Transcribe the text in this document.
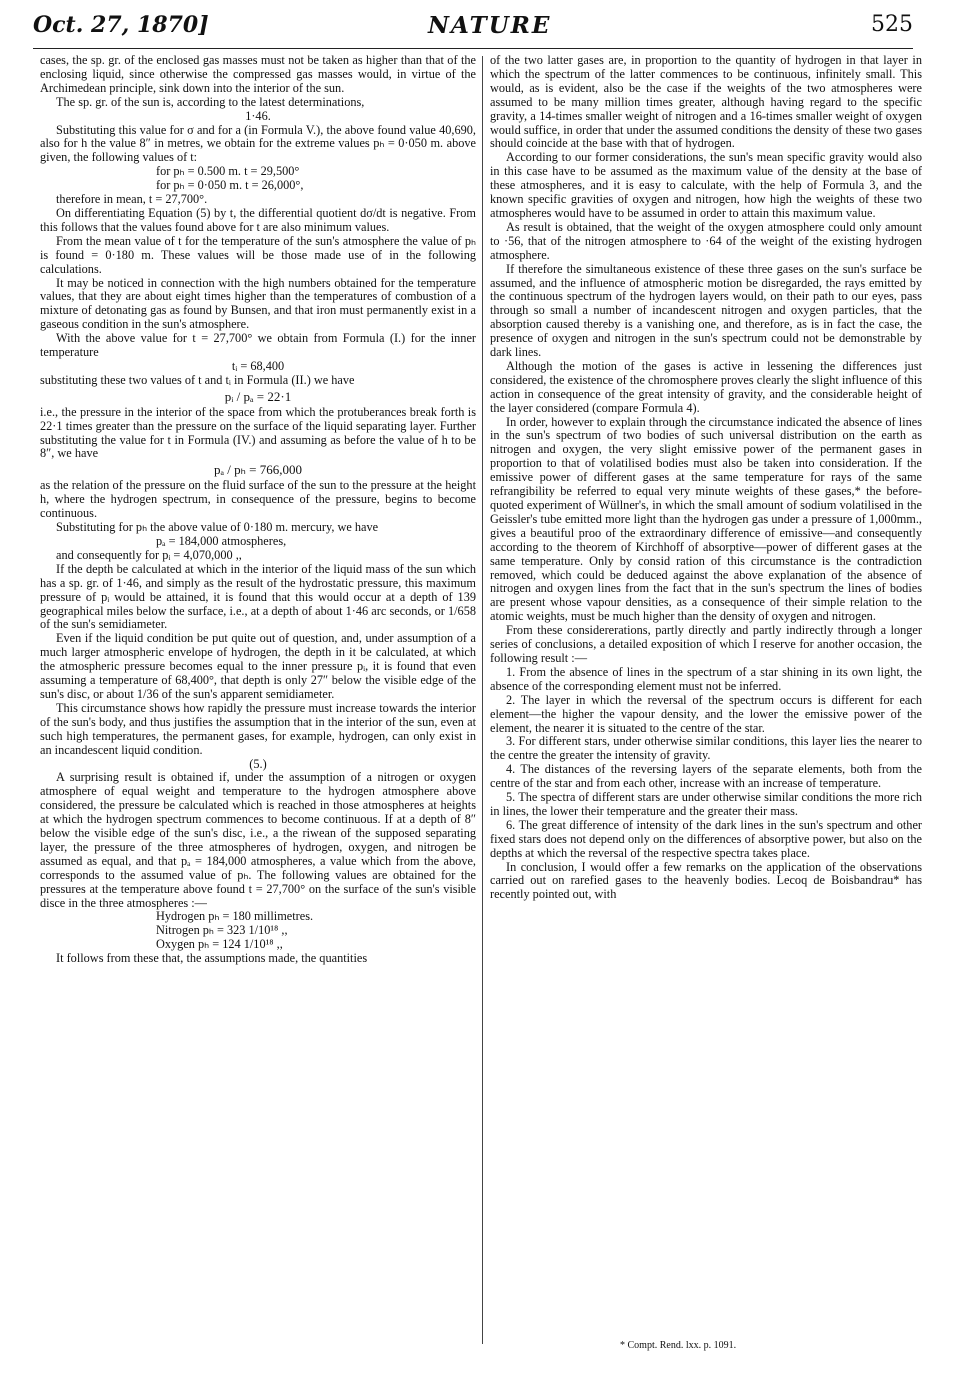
Oct. 27, 1870]	NATURE	525

cases, the sp. gr. of the enclosed gas masses must not be taken as higher than that of the enclosing liquid, since otherwise the compressed gas masses would, in virtue of the Archimedean principle, sink down into the interior of the sun.

The sp. gr. of the sun is, according to the latest determinations,

1·46.

Substituting this value for σ and for a (in Formula V.), the above found value 40,690, also for h the value 8″ in metres, we obtain for the extreme values pₕ = 0·050 m. above given, the following values of t:

for pₕ = 0.500 m. t = 29,500°

for pₕ = 0·050 m. t = 26,000°,

therefore in mean, t = 27,700°.

On differentiating Equation (5) by t, the differential quotient dσ/dt is negative. From this follows that the values found above for t are also minimum values.

From the mean value of t for the temperature of the sun's atmosphere the value of pₕ is found = 0·180 m. These values will be those made use of in the following calculations.

It may be noticed in connection with the high numbers obtained for the temperature values, that they are about eight times higher than the temperatures of combustion of a mixture of detonating gas as found by Bunsen, and that iron must permanently exist in a gaseous condition in the sun's atmosphere.

With the above value for t = 27,700° we obtain from Formula (I.) for the inner temperature

tᵢ = 68,400

substituting these two values of t and tᵢ in Formula (II.) we have

pᵢ / pₐ = 22·1

i.e., the pressure in the interior of the space from which the protuberances break forth is 22·1 times greater than the pressure on the surface of the liquid separating layer. Further substituting the value for t in Formula (IV.) and assuming as before the value of h to be 8″, we have

pₐ / pₕ = 766,000

as the relation of the pressure on the fluid surface of the sun to the pressure at the height h, where the hydrogen spectrum, in consequence of the pressure, begins to become continuous.

Substituting for pₕ the above value of 0·180 m. mercury, we have

pₐ = 184,000 atmospheres,

and consequently for pᵢ = 4,070,000 ,,

If the depth be calculated at which in the interior of the liquid mass of the sun which has a sp. gr. of 1·46, and simply as the result of the hydrostatic pressure, this maximum pressure of pᵢ would be attained, it is found that this would occur at a depth of 139 geographical miles below the surface, i.e., at a depth of about 1·46 arc seconds, or 1/658 of the sun's semidiameter.

Even if the liquid condition be put quite out of question, and, under assumption of a much larger atmospheric envelope of hydrogen, the depth in it be calculated, at which the atmospheric pressure becomes equal to the inner pressure pᵢ, it is found that even assuming a temperature of 68,400°, that depth is only 27″ below the visible edge of the sun's disc, or about 1/36 of the sun's apparent semidiameter.

This circumstance shows how rapidly the pressure must increase towards the interior of the sun's body, and thus justifies the assumption that in the interior of the sun, even at such high temperatures, the permanent gases, for example, hydrogen, can only exist in an incandescent liquid condition.

(5.)

A surprising result is obtained if, under the assumption of a nitrogen or oxygen atmosphere of equal weight and temperature to the hydrogen atmosphere above considered, the pressure be calculated which is reached in those atmospheres at heights at which the hydrogen spectrum commences to become continuous. If at a depth of 8″ below the visible edge of the sun's disc, i.e., a the riwean of the supposed separating layer, the pressure of the three atmospheres of hydrogen, oxygen, and nitrogen be assumed as equal, and that pₐ = 184,000 atmospheres, a value which from the above, corresponds to the assumed value of pₕ. The following values are obtained for the pressures at the temperature above found t = 27,700° on the surface of the sun's visible disce in the three atmospheres :—

Hydrogen pₕ = 180 millimetres.

Nitrogen pₕ = 323 1/10¹⁸ ,,

Oxygen pₕ = 124 1/10¹⁸ ,,

It follows from these that, the assumptions made, the quantities

of the two latter gases are, in proportion to the quantity of hydrogen in that layer in which the spectrum of the latter commences to be continuous, infinitely small. This would, as is evident, also be the case if the weights of the two atmospheres were assumed to be many million times greater, although having regard to the specific gravity, a 14-times smaller weight of nitrogen and a 16-times smaller weight of oxygen would suffice, in order that under the assumed conditions the density of these two gases should coincide at the base with that of hydrogen.

According to our former considerations, the sun's mean specific gravity would also in this case have to be assumed as the maximum value of the density at the base of these atmospheres, and it is easy to calculate, with the help of Formula 3, and the known specific gravities of oxygen and nitrogen, how high the weights of these two atmospheres would have to be assumed in order to attain this maximum value.

As result is obtained, that the weight of the oxygen atmosphere could only amount to ·56, that of the nitrogen atmosphere to ·64 of the weight of the existing hydrogen atmosphere.

If therefore the simultaneous existence of these three gases on the sun's surface be assumed, and the influence of atmospheric motion be disregarded, the rays emitted by the continuous spectrum of the hydrogen layers would, on their path to our eyes, pass through so small a number of incandescent nitrogen and oxygen particles, that the absorption caused thereby is a vanishing one, and therefore, as is in fact the case, the presence of oxygen and nitrogen in the sun's spectrum could not be demonstrable by dark lines.

Although the motion of the gases is active in lessening the differences just considered, the existence of the chromosphere proves clearly the slight influence of this action in consequence of the great intensity of gravity, and the considerable height of the layer considered (compare Formula 4).

In order, however to explain through the circumstance indicated the absence of lines in the sun's spectrum of two bodies of such universal distribution on the earth as nitrogen and oxygen, the very slight emissive power of the permanent gases in proportion to that of volatilised bodies must also be taken into consideration. If the emissive power of different gases at the same temperature for rays of the same refrangibility be referred to equal very minute weights of these gases,* the before-quoted experiment of Wüllner's, in which the small amount of sodium volatilised in the Geissler's tube emitted more light than the hydrogen gas under a pressure of 1,000mm., gives a beautiful proo of the extraordinary difference of emissive—and consequently according to the theorem of Kirchhoff of absorptive—power of different gases at the same temperature. Only by consid ration of this circumstance is the contradiction removed, which could be deduced against the above explanation of the absence of nitrogen and oxygen lines from the fact that in the sun's spectrum the lines of bodies are present whose vapour densities, as a consequence of their simple relation to the atomic weights, must be much higher than the density of oxygen and nitrogen.

From these considererations, partly directly and partly indirectly through a longer series of conclusions, a detailed exposition of which I reserve for another occasion, the following result :—

1. From the absence of lines in the spectrum of a star shining in its own light, the absence of the corresponding element must not be inferred.

2. The layer in which the reversal of the spectrum occurs is different for each element—the higher the vapour density, and the lower the emissive power of the element, the nearer it is situated to the centre of the star.

3. For different stars, under otherwise similar conditions, this layer lies the nearer to the centre the greater the intensity of gravity.

4. The distances of the reversing layers of the separate elements, both from the centre of the star and from each other, increase with an increase of temperature.

5. The spectra of different stars are under otherwise similar conditions the more rich in lines, the lower their temperature and the greater their mass.

6. The great difference of intensity of the dark lines in the sun's spectrum and other fixed stars does not depend only on the differences of absorptive power, but also on the depths at which the reversal of the respective spectra takes place.

In conclusion, I would offer a few remarks on the application of the observations carried out on rarefied gases to the heavenly bodies. Lecoq de Boisbandrau* has recently pointed out, with

* Compt. Rend. lxx. p. 1091.
